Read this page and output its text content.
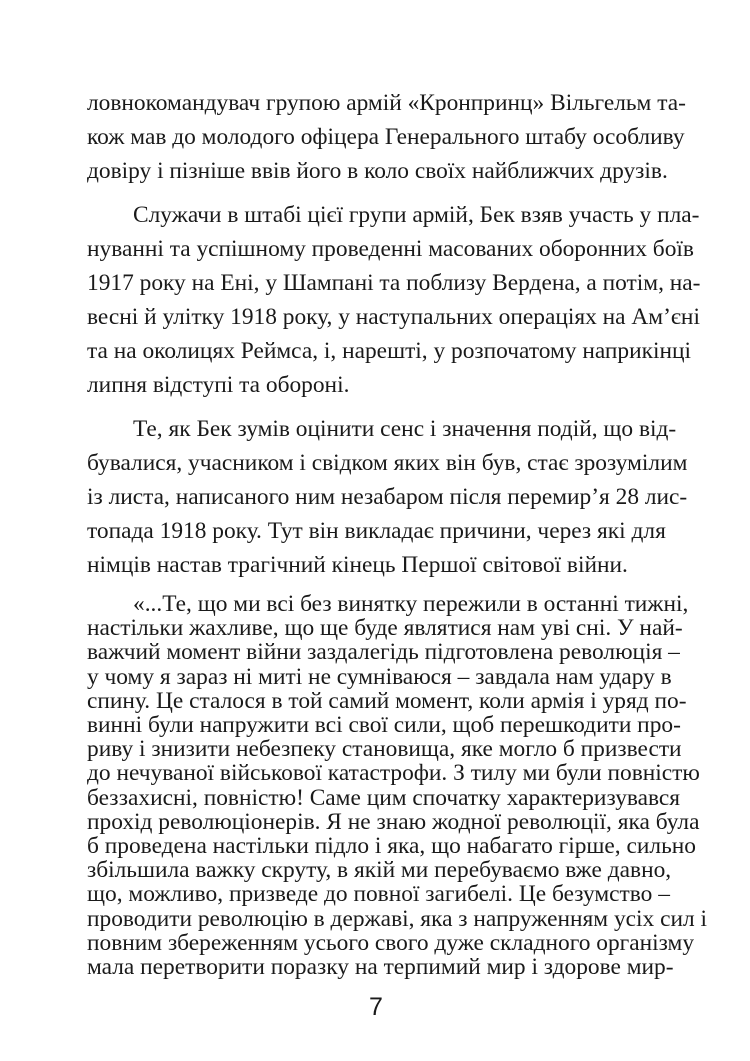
ловнокомандувач групою армій «Кронпринц» Вільгельм та-
кож мав до молодого офіцера Генерального штабу особливу
довіру і пізніше ввів його в коло своїх найближчих друзів.
Служачи в штабі цієї групи армій, Бек взяв участь у пла-
нуванні та успішному проведенні масованих оборонних боїв
1917 року на Ені, у Шампані та поблизу Вердена, а потім, на-
весні й улітку 1918 року, у наступальних операціях на Ам’єні
та на околицях Реймса, і, нарешті, у розпочатому наприкінці
липня відступі та обороні.
Те, як Бек зумів оцінити сенс і значення подій, що від-
бувалися, учасником і свідком яких він був, стає зрозумілим
із листа, написаного ним незабаром після перемир’я 28 лис-
топада 1918 року. Тут він викладає причини, через які для
німців настав трагічний кінець Першої світової війни.
«...Те, що ми всі без винятку пережили в останні тижні,
настільки жахливе, що ще буде являтися нам уві сні. У най-
важчий момент війни заздалегідь підготовлена революція –
у чому я зараз ні миті не сумніваюся – завдала нам удару в
спину. Це сталося в той самий момент, коли армія і уряд по-
винні були напружити всі свої сили, щоб перешкодити про-
риву і знизити небезпеку становища, яке могло б призвести
до нечуваної військової катастрофи. З тилу ми були повністю
беззахисні, повністю! Саме цим спочатку характеризувався
прохід революціонерів. Я не знаю жодної революції, яка була
б проведена настільки підло і яка, що набагато гірше, сильно
збільшила важку скруту, в якій ми перебуваємо вже давно,
що, можливо, призведе до повної загибелі. Це безумство –
проводити революцію в державі, яка з напруженням усіх сил і
повним збереженням усього свого дуже складного організму
мала перетворити поразку на терпимий мир і здорове мир-
7
